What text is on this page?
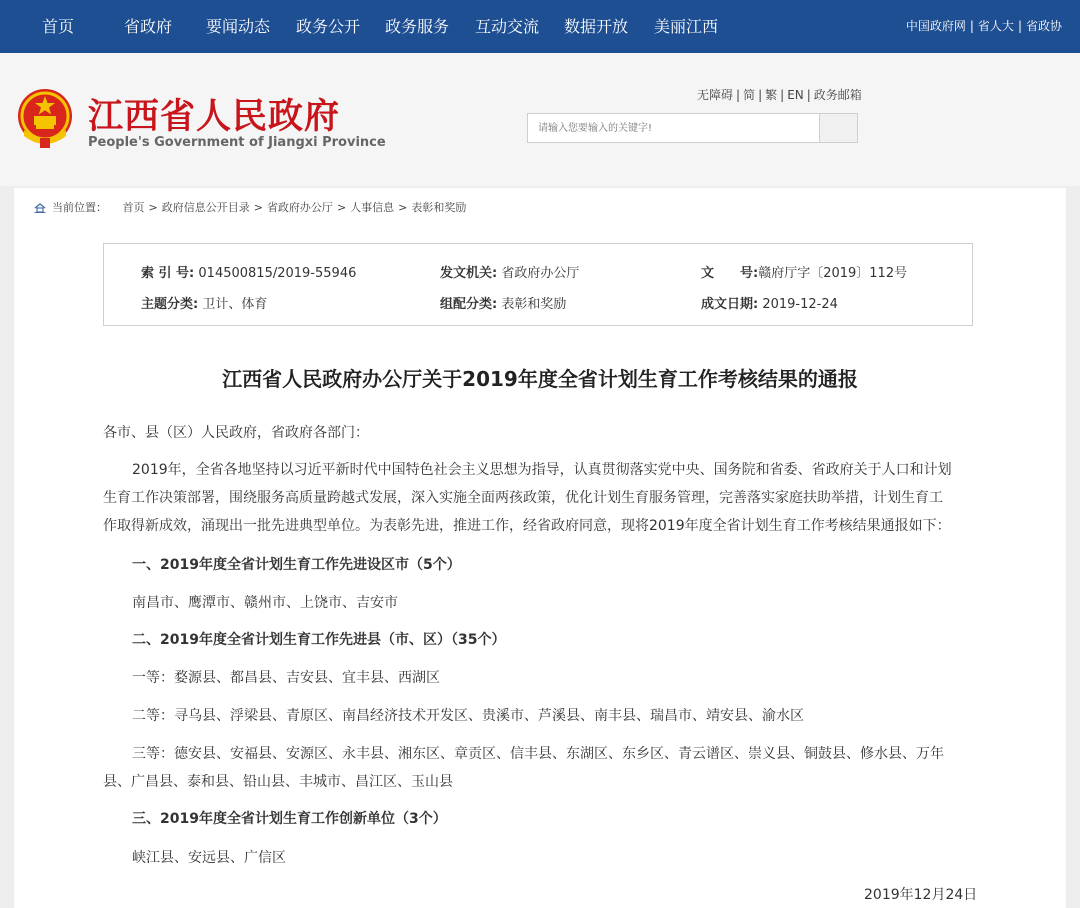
首页	省政府 要闻动态 政务公开 政务服务 互动交流 数据开放 美丽江西	中国政府网 | 省人大 | 省政协
江西省人民政府
People's Government of Jiangxi Province
无障碍 | 简 | 繁 | EN | 政务邮箱
请输入您要输入的关键字!
当前位置： 首页 > 政府信息公开目录 > 省政府办公厅 > 人事信息 > 表彰和奖励
索 引 号: 014500815/2019-55946	发文机关: 省政府办公厅	文　　号:赣府厅字〔2019〕112号
主题分类: 卫计、体育	组配分类: 表彰和奖励	成文日期: 2019-12-24
江西省人民政府办公厅关于2019年度全省计划生育工作考核结果的通报
各市、县（区）人民政府，省政府各部门：
2019年，全省各地坚持以习近平新时代中国特色社会主义思想为指导，认真贯彻落实党中央、国务院和省委、省政府关于人口和计划
生育工作决策部署，围绕服务高质量跨越式发展，深入实施全面两孩政策，优化计划生育服务管理，完善落实家庭扶助举措，计划生育工
作取得新成效，涌现出一批先进典型单位。为表彰先进，推进工作，经省政府同意，现将2019年度全省计划生育工作考核结果通报如下：
一、2019年度全省计划生育工作先进设区市（5个）
南昌市、鹰潭市、赣州市、上饶市、吉安市
二、2019年度全省计划生育工作先进县（市、区）（35个）
一等：婺源县、都昌县、吉安县、宜丰县、西湖区
二等：寻乌县、浮梁县、青原区、南昌经济技术开发区、贵溪市、芦溪县、南丰县、瑞昌市、靖安县、渝水区
三等：德安县、安福县、安源区、永丰县、湘东区、章贡区、信丰县、东湖区、东乡区、青云谱区、崇义县、铜鼓县、修水县、万年
县、广昌县、泰和县、铅山县、丰城市、昌江区、玉山县
三、2019年度全省计划生育工作创新单位（3个）
峡江县、安远县、广信区
2019年12月24日
